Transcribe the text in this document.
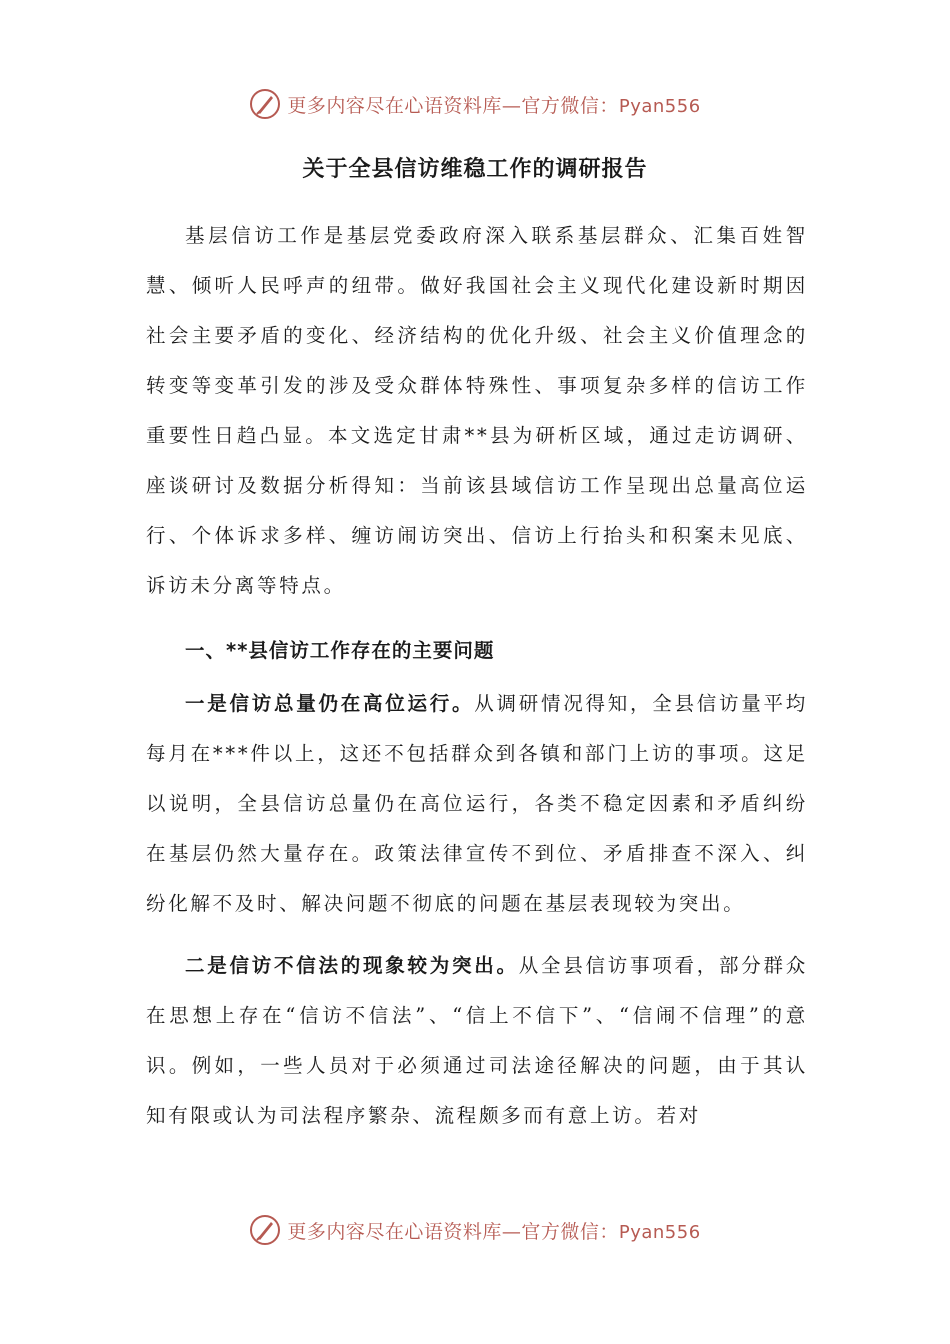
更多内容尽在心语资料库—官方微信：Pyan556
关于全县信访维稳工作的调研报告

基层信访工作是基层党委政府深入联系基层群众、汇集百姓智慧、倾听人民呼声的纽带。做好我国社会主义现代化建设新时期因社会主要矛盾的变化、经济结构的优化升级、社会主义价值理念的转变等变革引发的涉及受众群体特殊性、事项复杂多样的信访工作重要性日趋凸显。本文选定甘肃**县为研析区域，通过走访调研、座谈研讨及数据分析得知：当前该县域信访工作呈现出总量高位运行、个体诉求多样、缠访闹访突出、信访上行抬头和积案未见底、诉访未分离等特点。

一、**县信访工作存在的主要问题

一是信访总量仍在高位运行。从调研情况得知，全县信访量平均每月在***件以上，这还不包括群众到各镇和部门上访的事项。这足以说明，全县信访总量仍在高位运行，各类不稳定因素和矛盾纠纷在基层仍然大量存在。政策法律宣传不到位、矛盾排查不深入、纠纷化解不及时、解决问题不彻底的问题在基层表现较为突出。

二是信访不信法的现象较为突出。从全县信访事项看，部分群众在思想上存在“信访不信法”、“信上不信下”、“信闹不信理”的意识。例如，一些人员对于必须通过司法途径解决的问题，由于其认知有限或认为司法程序繁杂、流程颇多而有意上访。若对

更多内容尽在心语资料库—官方微信：Pyan556
